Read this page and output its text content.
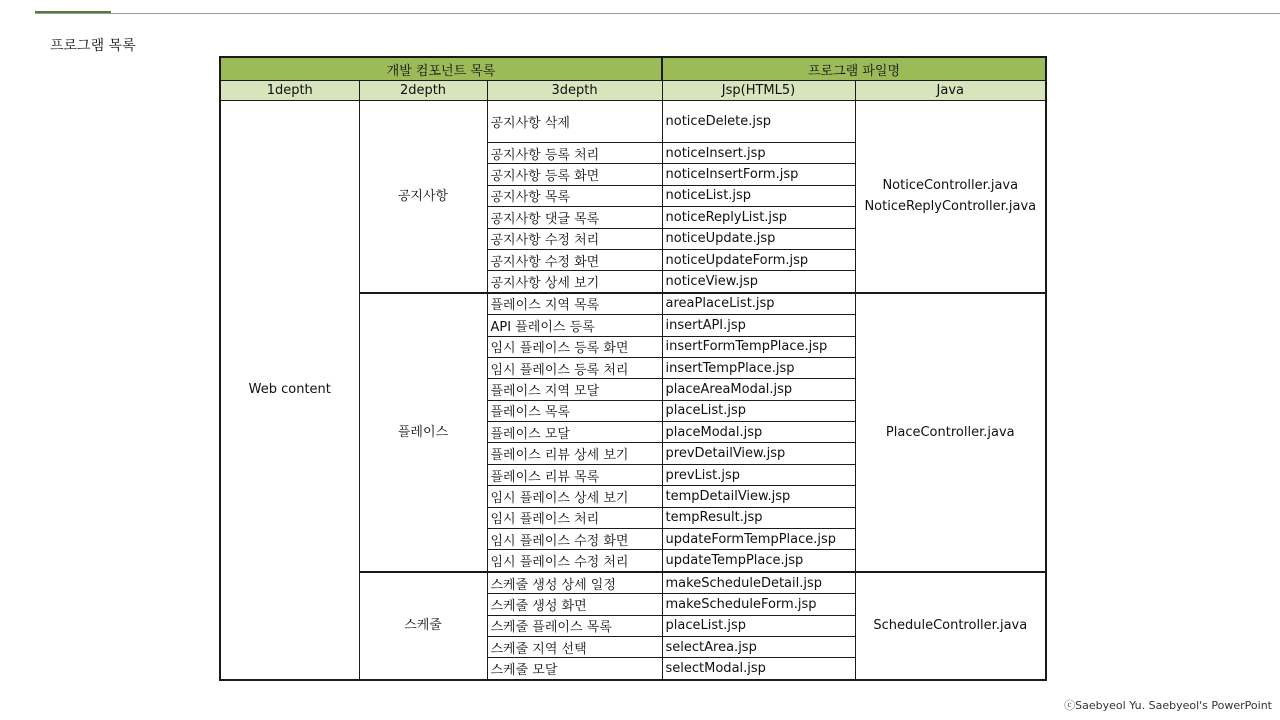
프로그램 목록
개발 컴포넌트 목록			프로그램 파일명	
1depth	2depth	3depth	Jsp(HTML5)	Java
Web content	공지사항	공지사항 삭제	noticeDelete.jsp	NoticeController.java
NoticeReplyController.java

		공지사항 등록 처리	noticeInsert.jsp	
		공지사항 등록 화면	noticeInsertForm.jsp	
		공지사항 목록	noticeList.jsp	
		공지사항 댓글 목록	noticeReplyList.jsp	
		공지사항 수정 처리	noticeUpdate.jsp	
		공지사항 수정 화면	noticeUpdateForm.jsp	
		공지사항 상세 보기	noticeView.jsp	
	플레이스	플레이스 지역 목록	areaPlaceList.jsp	PlaceController.java

		API 플레이스 등록	insertAPI.jsp	
		임시 플레이스 등록 화면	insertFormTempPlace.jsp	
		임시 플레이스 등록 처리	insertTempPlace.jsp	
		플레이스 지역 모달	placeAreaModal.jsp	
		플레이스 목록	placeList.jsp	
		플레이스 모달	placeModal.jsp	
		플레이스 리뷰 상세 보기	prevDetailView.jsp	
		플레이스 리뷰 목록	prevList.jsp	
		임시 플레이스 상세 보기	tempDetailView.jsp	
		임시 플레이스 처리	tempResult.jsp	
		임시 플레이스 수정 화면	updateFormTempPlace.jsp	
		임시 플레이스 수정 처리	updateTempPlace.jsp	
	스케줄	스케줄 생성 상세 일정	makeScheduleDetail.jsp	ScheduleController.java

		스케줄 생성 화면	makeScheduleForm.jsp	
		스케줄 플레이스 목록	placeList.jsp	
		스케줄 지역 선택	selectArea.jsp	
		스케줄 모달	selectModal.jsp	
ⓒSaebyeol Yu. Saebyeol's PowerPoint
